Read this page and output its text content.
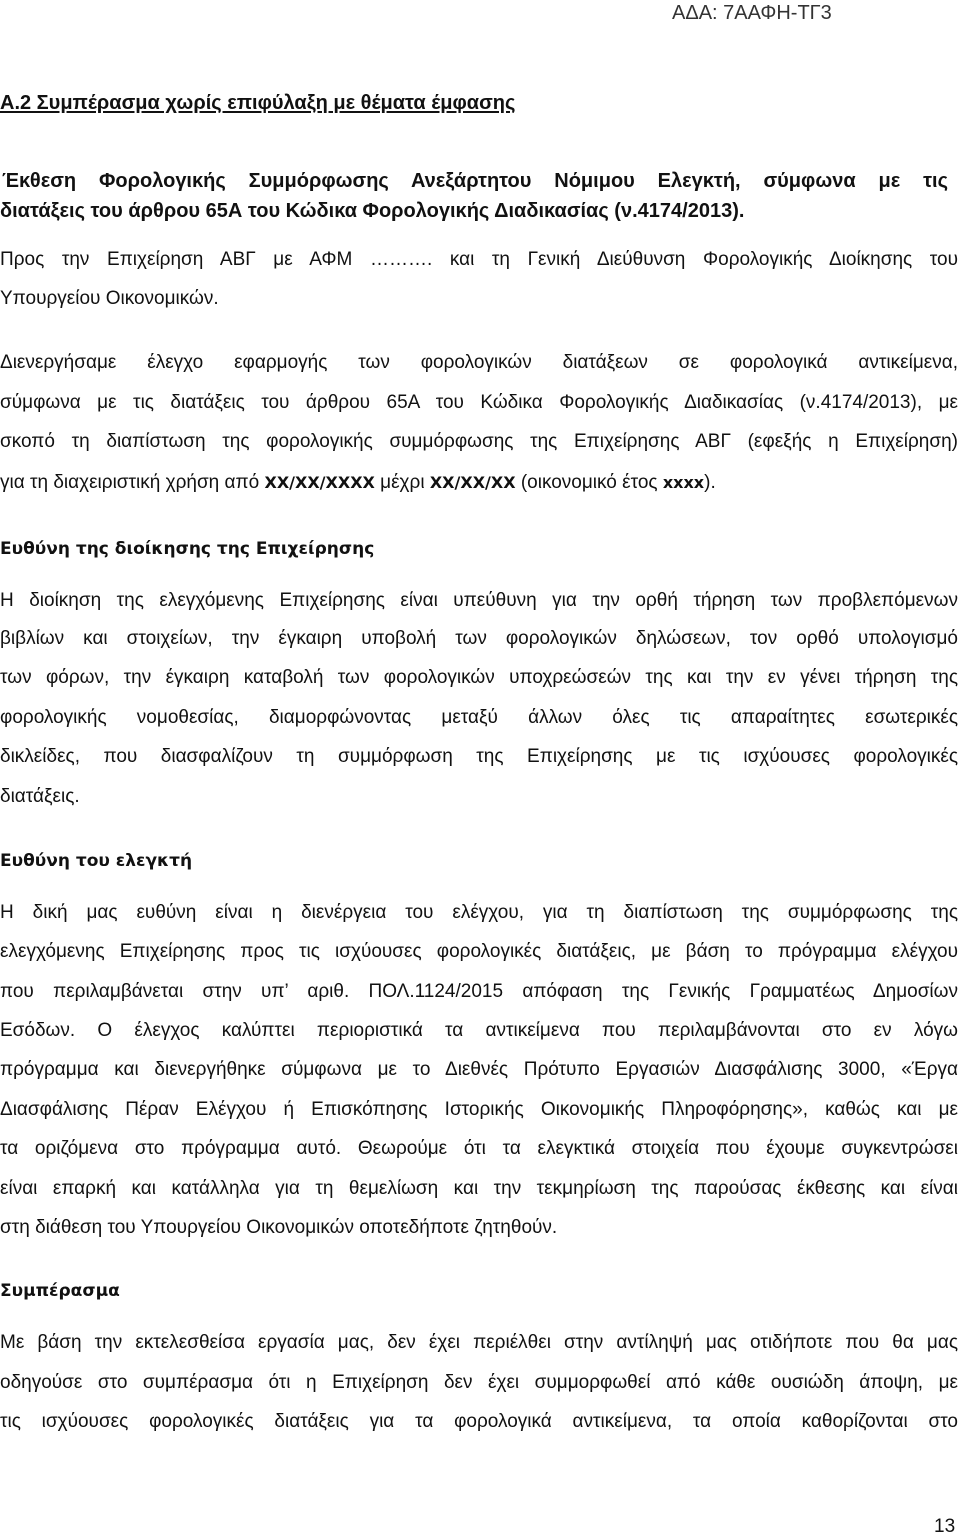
ΑΔΑ: 7ΑΑΦΗ-ΤΓ3
Α.2 Συμπέρασμα χωρίς επιφύλαξη με θέματα έμφασης
Έκθεση Φορολογικής Συμμόρφωσης Ανεξάρτητου Νόμιμου Ελεγκτή, σύμφωνα με τις
διατάξεις του άρθρου 65Α του Κώδικα Φορολογικής Διαδικασίας (ν.4174/2013).
Προς την Επιχείρηση ΑΒΓ με ΑΦΜ ………. και τη Γενική Διεύθυνση Φορολογικής Διοίκησης του
Υπουργείου Οικονομικών.
Διενεργήσαμε έλεγχο εφαρμογής των φορολογικών διατάξεων σε φορολογικά αντικείμενα,
σύμφωνα με τις διατάξεις του άρθρου 65Α του Κώδικα Φορολογικής Διαδικασίας (ν.4174/2013), με
σκοπό τη διαπίστωση της φορολογικής συμμόρφωσης της Επιχείρησης ΑΒΓ (εφεξής η Επιχείρηση)
για τη διαχειριστική χρήση από XX/XX/XXXX μέχρι XX/XX/XX (οικονομικό έτος xxxx).
Ευθύνη της διοίκησης της Επιχείρησης
Η διοίκηση της ελεγχόμενης Επιχείρησης είναι υπεύθυνη για την ορθή τήρηση των προβλεπόμενων
βιβλίων και στοιχείων, την έγκαιρη υποβολή των φορολογικών δηλώσεων, τον ορθό υπολογισμό
των φόρων, την έγκαιρη καταβολή των φορολογικών υποχρεώσεών της και την εν γένει τήρηση της
φορολογικής νομοθεσίας, διαμορφώνοντας μεταξύ άλλων όλες τις απαραίτητες εσωτερικές
δικλείδες, που διασφαλίζουν τη συμμόρφωση της Επιχείρησης με τις ισχύουσες φορολογικές
διατάξεις.
Ευθύνη του ελεγκτή
Η δική μας ευθύνη είναι η διενέργεια του ελέγχου, για τη διαπίστωση της συμμόρφωσης της
ελεγχόμενης Επιχείρησης προς τις ισχύουσες φορολογικές διατάξεις, με βάση το πρόγραμμα ελέγχου
που περιλαμβάνεται στην υπ’ αριθ. ΠΟΛ.1124/2015 απόφαση της Γενικής Γραμματέως Δημοσίων
Εσόδων. Ο έλεγχος καλύπτει περιοριστικά τα αντικείμενα που περιλαμβάνονται στο εν λόγω
πρόγραμμα και διενεργήθηκε σύμφωνα με το Διεθνές Πρότυπο Εργασιών Διασφάλισης 3000, «Έργα
Διασφάλισης Πέραν Ελέγχου ή Επισκόπησης Ιστορικής Οικονομικής Πληροφόρησης», καθώς και με
τα οριζόμενα στο πρόγραμμα αυτό. Θεωρούμε ότι τα ελεγκτικά στοιχεία που έχουμε συγκεντρώσει
είναι επαρκή και κατάλληλα για τη θεμελίωση και την τεκμηρίωση της παρούσας έκθεσης και είναι
στη διάθεση του Υπουργείου Οικονομικών οποτεδήποτε ζητηθούν.
Συμπέρασμα
Με βάση την εκτελεσθείσα εργασία μας, δεν έχει περιέλθει στην αντίληψή μας οτιδήποτε που θα μας
οδηγούσε στο συμπέρασμα ότι η Επιχείρηση δεν έχει συμμορφωθεί από κάθε ουσιώδη άποψη, με
τις ισχύουσες φορολογικές διατάξεις για τα φορολογικά αντικείμενα, τα οποία καθορίζονται στο
13
